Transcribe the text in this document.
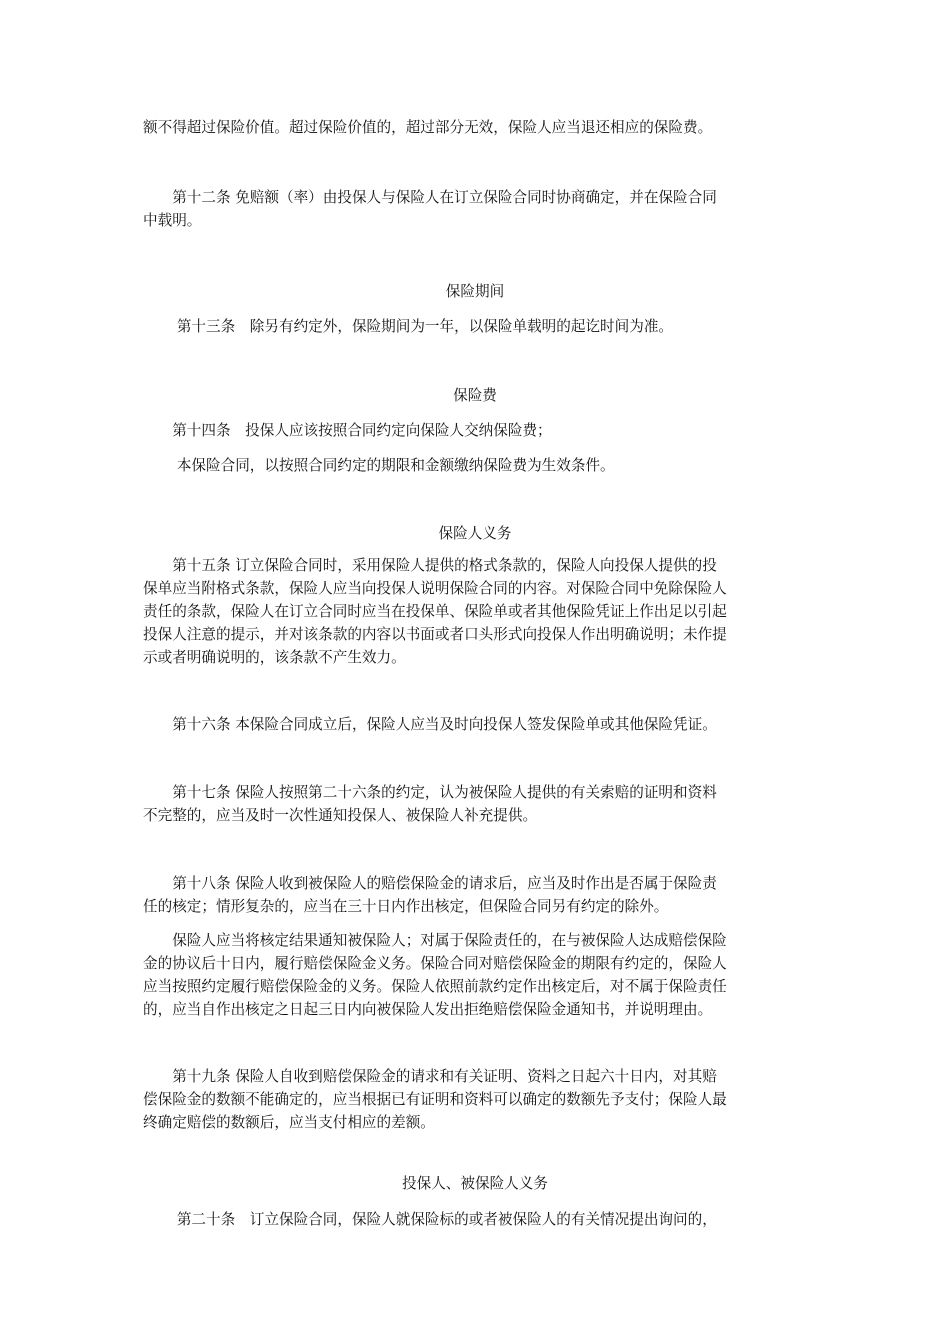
额不得超过保险价值。超过保险价值的，超过部分无效，保险人应当退还相应的保险费。
　　第十二条 免赔额（率）由投保人与保险人在订立保险合同时协商确定，并在保险合同
中载明。
保险期间
　　 第十三条　除另有约定外，保险期间为一年，以保险单载明的起讫时间为准。
保险费
　　第十四条　投保人应该按照合同约定向保险人交纳保险费；
　　 本保险合同，以按照合同约定的期限和金额缴纳保险费为生效条件。
保险人义务
　　第十五条 订立保险合同时，采用保险人提供的格式条款的，保险人向投保人提供的投
保单应当附格式条款，保险人应当向投保人说明保险合同的内容。对保险合同中免除保险人
责任的条款，保险人在订立合同时应当在投保单、保险单或者其他保险凭证上作出足以引起
投保人注意的提示，并对该条款的内容以书面或者口头形式向投保人作出明确说明；未作提
示或者明确说明的，该条款不产生效力。
　　第十六条 本保险合同成立后，保险人应当及时向投保人签发保险单或其他保险凭证。
　　第十七条 保险人按照第二十六条的约定，认为被保险人提供的有关索赔的证明和资料
不完整的，应当及时一次性通知投保人、被保险人补充提供。
　　第十八条 保险人收到被保险人的赔偿保险金的请求后，应当及时作出是否属于保险责
任的核定；情形复杂的，应当在三十日内作出核定，但保险合同另有约定的除外。
　　保险人应当将核定结果通知被保险人；对属于保险责任的，在与被保险人达成赔偿保险
金的协议后十日内，履行赔偿保险金义务。保险合同对赔偿保险金的期限有约定的，保险人
应当按照约定履行赔偿保险金的义务。保险人依照前款约定作出核定后，对不属于保险责任
的，应当自作出核定之日起三日内向被保险人发出拒绝赔偿保险金通知书，并说明理由。
　　第十九条 保险人自收到赔偿保险金的请求和有关证明、资料之日起六十日内，对其赔
偿保险金的数额不能确定的，应当根据已有证明和资料可以确定的数额先予支付；保险人最
终确定赔偿的数额后，应当支付相应的差额。
投保人、被保险人义务
　　 第二十条　订立保险合同，保险人就保险标的或者被保险人的有关情况提出询问的，
